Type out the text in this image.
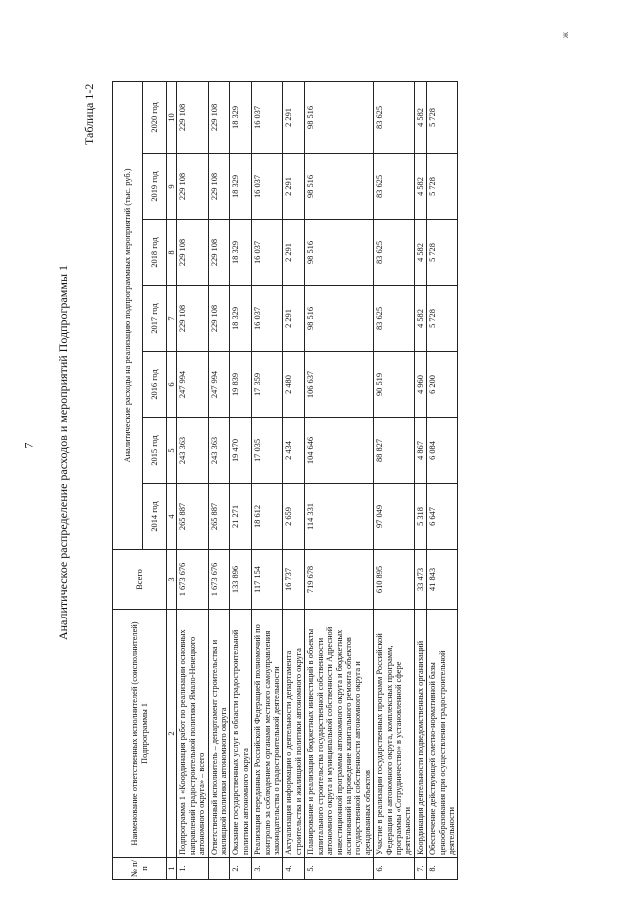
7
ж
Таблица 1-2
Аналитическое распределение расходов и мероприятий Подпрограммы 1
№ п/п	Наименование ответственных исполнителей (соисполнителей) Подпрограммы 1	Всего	Аналитические расходы на реализацию подпрограммных мероприятий (тыс. руб.)						
			2014 год	2015 год	2016 год	2017 год	2018 год	2019 год	2020 год
1	2	3	4	5	6	7	8	9	10
1.	Подпрограмма 1 «Координация работ по реализации основных направлений градостроительной политики Ямало-Ненецкого автономного округа» – всего	1 673 676	265 887	243 363	247 994	229 108	229 108	229 108	229 108
	Ответственный исполнитель – департамент строительства и жилищной политики автономного округа	1 673 676	265 887	243 363	247 994	229 108	229 108	229 108	229 108
2.	Оказание государственных услуг в области градостроительной политики автономного округа	133 896	21 271	19 470	19 839	18 329	18 329	18 329	18 329
3.	Реализация переданных Российской Федерацией полномочий по контролю за соблюдением органами местного самоуправления законодательства о градостроительной деятельности	117 154	18 612	17 035	17 359	16 037	16 037	16 037	16 037
4.	Актуализация информации о деятельности департамента строительства и жилищной политики автономного округа	16 737	2 659	2 434	2 480	2 291	2 291	2 291	2 291
5.	Планирование и реализация бюджетных инвестиций в объекты капитального строительства государственной собственности автономного округа и муниципальной собственности Адресной инвестиционной программы автономного округа и бюджетных ассигнований на проведение капитального ремонта объектов государственной собственности автономного округа и арендованных объектов	719 678	114 331	104 646	106 637	98 516	98 516	98 516	98 516
6.	Участие в реализации государственных программ Российской Федерации и автономного округа, комплексных программ, программы «Сотрудничество» в установленной сфере деятельности	610 895	97 049	88 827	90 519	83 625	83 625	83 625	83 625
7.	Координация деятельности подведомственных организаций	33 473	5 318	4 867	4 960	4 582	4 582	4 582	4 582
8.	Обеспечение действующей сметно-нормативной базы ценообразования при осуществлении градостроительной деятельности	41 843	6 647	6 084	6 200	5 728	5 728	5 728	5 728
